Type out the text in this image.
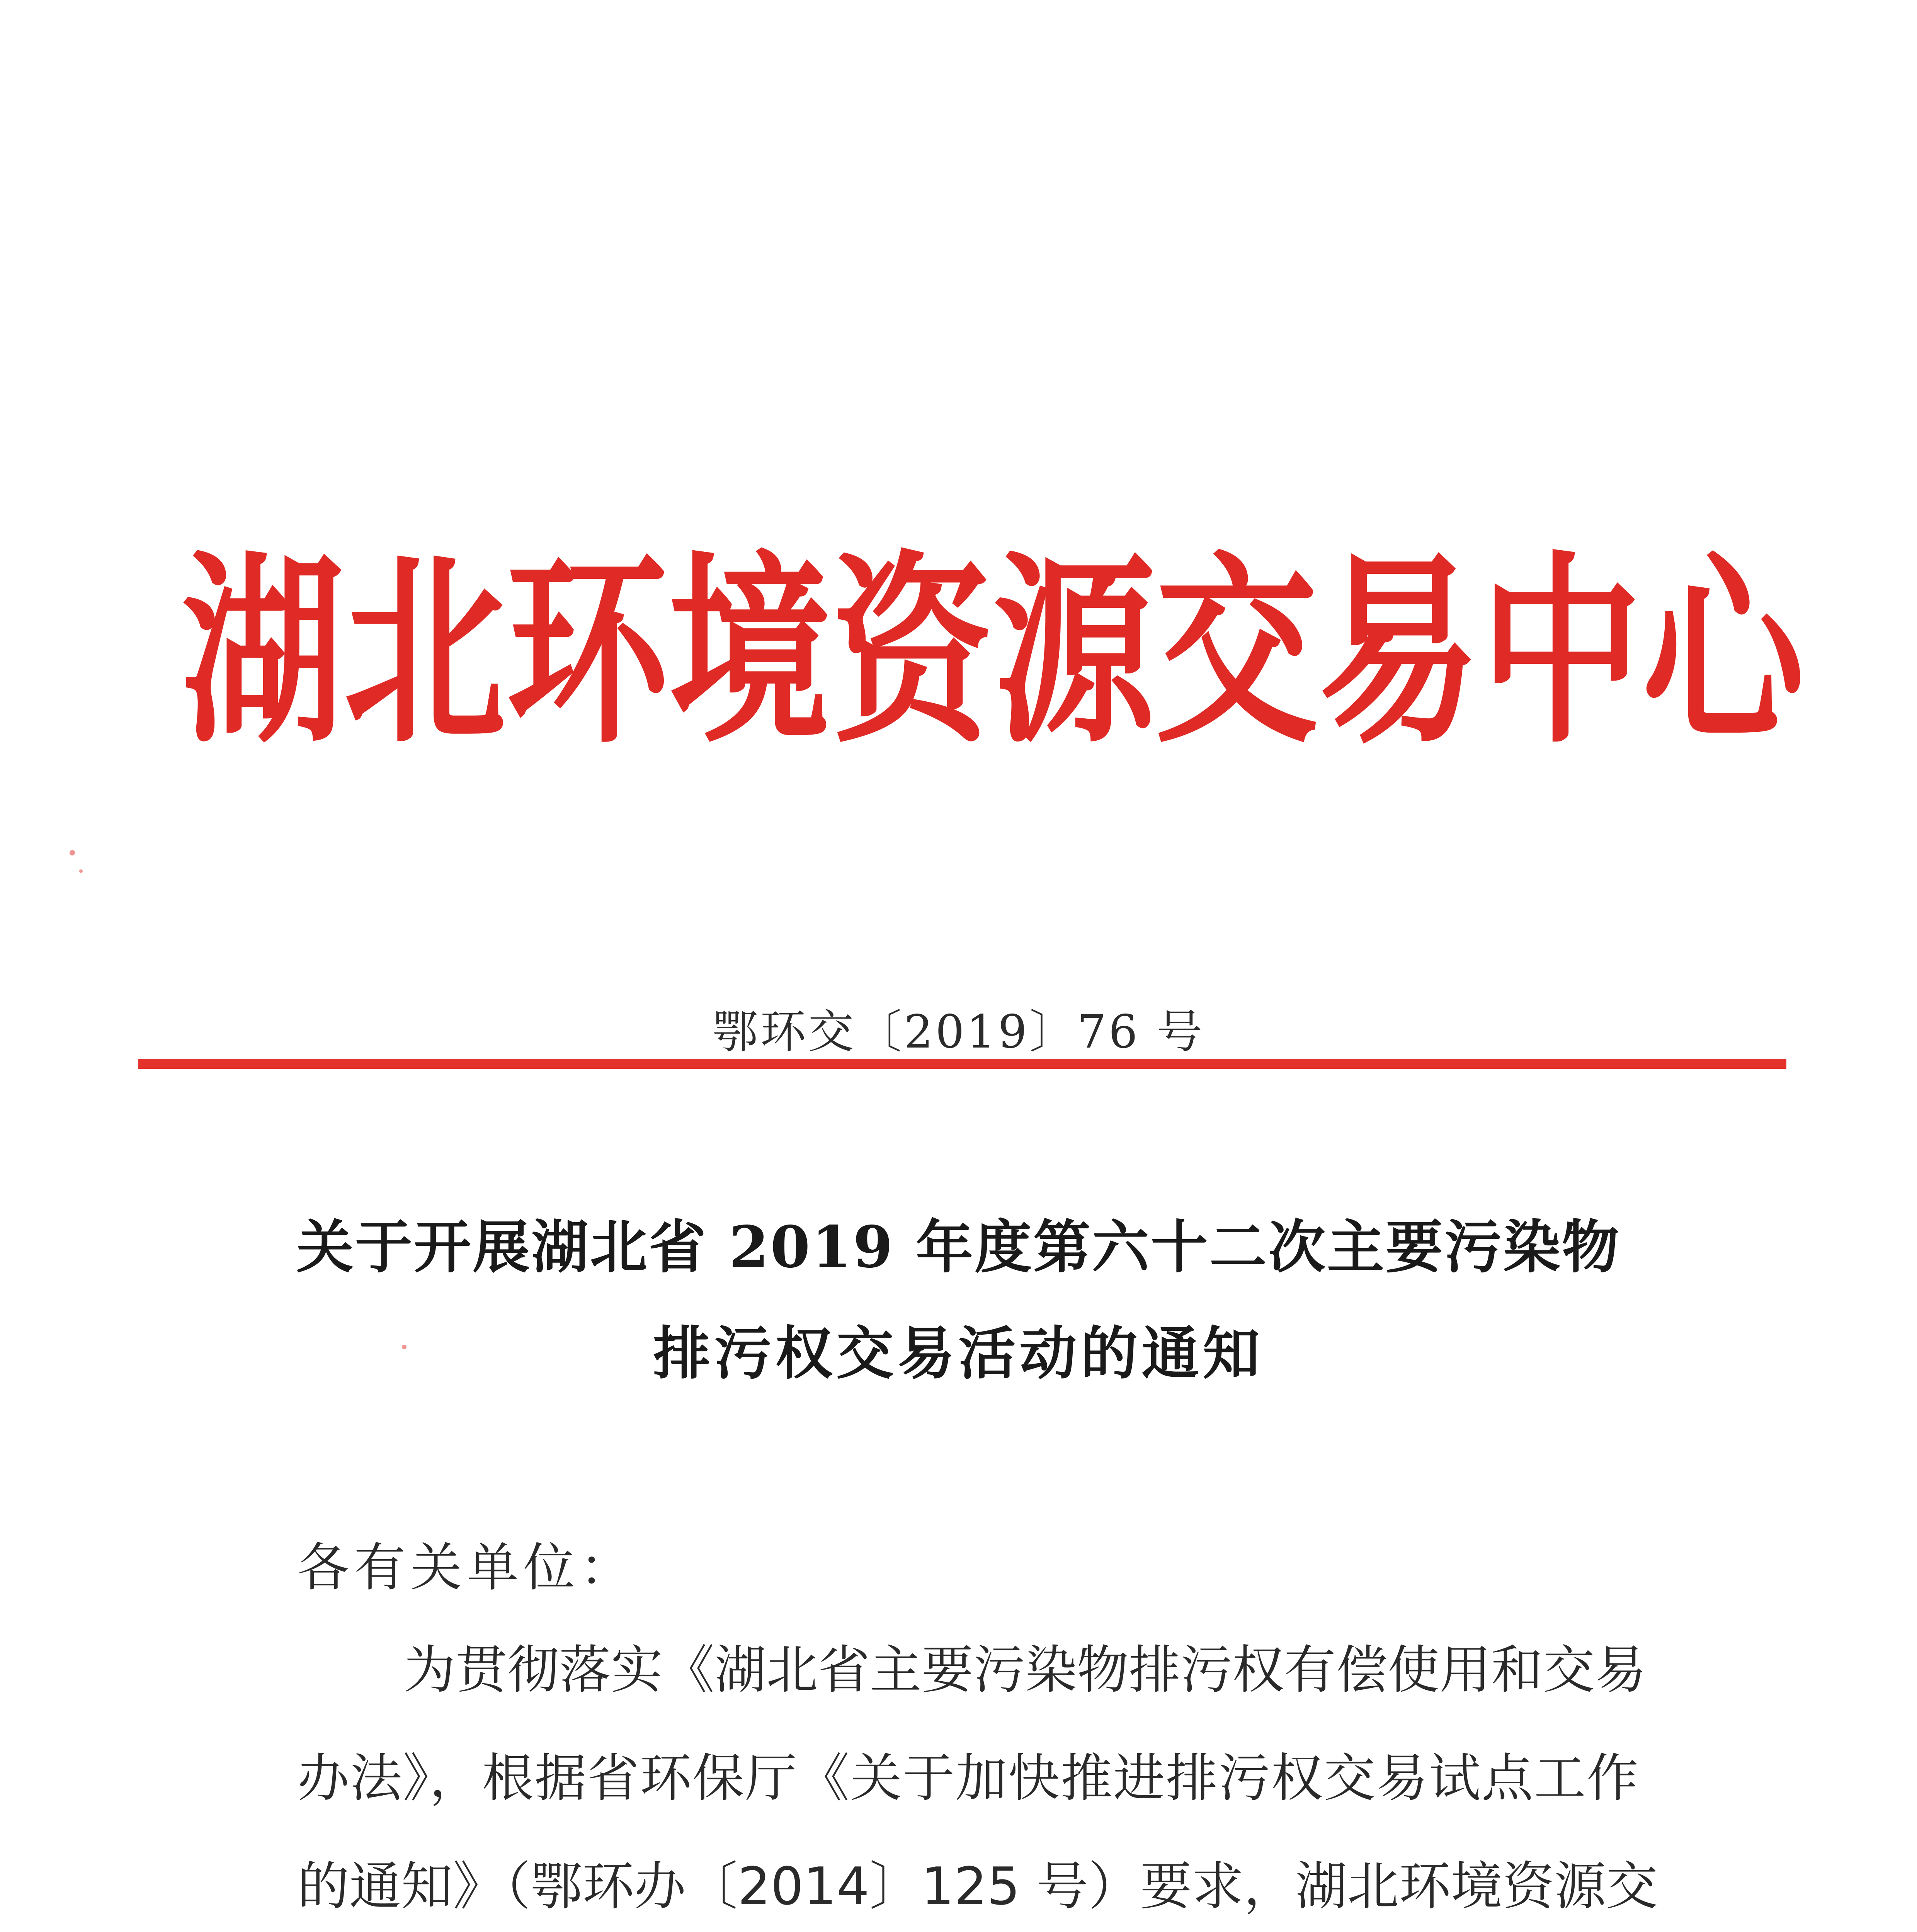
湖 北 环 境 资 源 交 易 中 心
鄂环交〔2019〕76 号
关于开展湖北省 2019 年度第六十二次主要污染物
排污权交易活动的通知
各有关单位：
为贯彻落实《湖北省主要污染物排污权有偿使用和交易
办法》，根据省环保厅《关于加快推进排污权交易试点工作
的通知》（鄂环办〔2014〕125 号）要求，湖北环境资源交
